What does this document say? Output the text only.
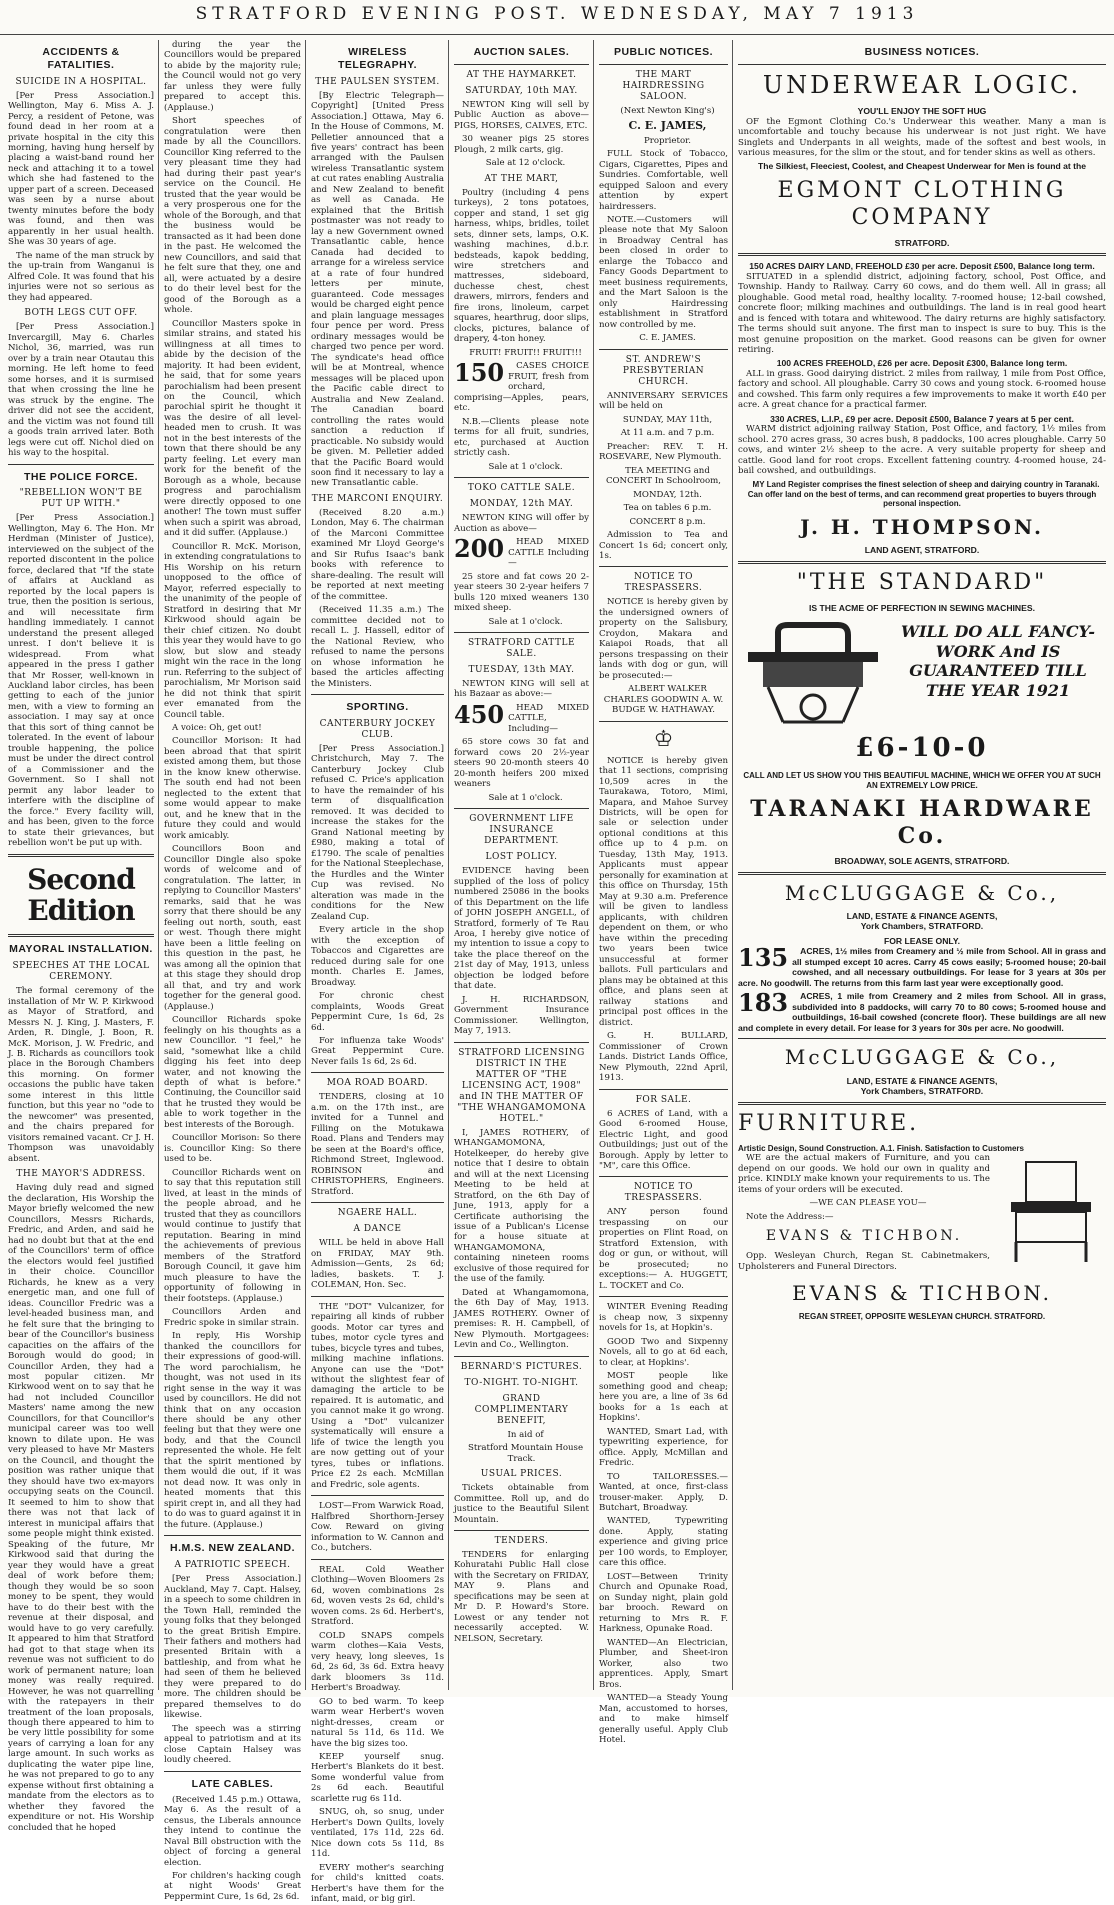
STRATFORD EVENING POST. WEDNESDAY, MAY 7 1913
ACCIDENTS & FATALITIES.
SUICIDE IN A HOSPITAL.

[Per Press Association.] Wellington, May 6. Miss A. J. Percy, a resident of Petone, was found dead in her room at a private hospital in the city this morning, having hung herself by placing a waist-band round her neck and attaching it to a towel which she had fastened to the upper part of a screen. Deceased was seen by a nurse about twenty minutes before the body was found, and then was apparently in her usual health. She was 30 years of age.

The name of the man struck by the up-train from Wanganui is Alfred Cole. It was found that his injuries were not so serious as they had appeared.

BOTH LEGS CUT OFF.

[Per Press Association.] Invercargill, May 6. Charles Nichol, 36, married, was run over by a train near Otautau this morning. He left home to feed some horses, and it is surmised that when crossing the line he was struck by the engine. The driver did not see the accident, and the victim was not found till a goods train arrived later. Both legs were cut off. Nichol died on his way to the hospital.

THE POLICE FORCE.
"REBELLION WON'T BE PUT UP WITH."

[Per Press Association.] Wellington, May 6. The Hon. Mr Herdman (Minister of Justice), interviewed on the subject of the reported discontent in the police force, declared that "If the state of affairs at Auckland as reported by the local papers is true, then the position is serious, and will necessitate firm handling immediately. I cannot understand the present alleged unrest. I don't believe it is widespread. From what appeared in the press I gather that Mr Rosser, well-known in Auckland labor circles, has been getting to each of the junior men, with a view to forming an association. I may say at once that this sort of thing cannot be tolerated. In the event of labour trouble happening, the police must be under the direct control of a Commissioner and the Government. So I shall not permit any labor leader to interfere with the discipline of the force." Every facility will, and has been, given to the force to state their grievances, but rebellion won't be put up with.

Second Edition
MAYORAL INSTALLATION.
SPEECHES AT THE LOCAL CEREMONY.

The formal ceremony of the installation of Mr W. P. Kirkwood as Mayor of Stratford, and Messrs N. J. King, J. Masters, F. Arden, R. Dingle, J. Boon, R. McK. Morison, J. W. Fredric, and J. B. Richards as councillors took place in the Borough Chambers this morning. On former occasions the public have taken some interest in this little function, but this year no "ode to the newcomer" was presented, and the chairs prepared for visitors remained vacant. Cr J. H. Thompson was unavoidably absent.

THE MAYOR'S ADDRESS.

Having duly read and signed the declaration, His Worship the Mayor briefly welcomed the new Councillors, Messrs Richards, Fredric, and Arden, and said he had no doubt but that at the end of the Councillors' term of office the electors would feel justified in their choice. Councillor Richards, he knew as a very energetic man, and one full of ideas. Councillor Fredric was a level-headed business man, and he felt sure that the bringing to bear of the Councillor's business capacities on the affairs of the Borough would do good; in Councillor Arden, they had a most popular citizen. Mr Kirkwood went on to say that he had not included Councillor Masters' name among the new Councillors, for that Councillor's municipal career was too well known to dilate upon. He was very pleased to have Mr Masters on the Council, and thought the position was rather unique that they should have two ex-mayors occupying seats on the Council. It seemed to him to show that there was not that lack of interest in municipal affairs that some people might think existed. Speaking of the future, Mr Kirkwood said that during the year they would have a great deal of work before them; though they would be so soon money to be spent, they would have to do their best with the revenue at their disposal, and would have to go very carefully. It appeared to him that Stratford had got to that stage when its revenue was not sufficient to do work of permanent nature; loan money was really required. However, he was not quarrelling with the ratepayers in their treatment of the loan proposals, though there appeared to him to be very little possibility for some years of carrying a loan for any large amount. In such works as duplicating the water pipe line, he was not prepared to go to any expense without first obtaining a mandate from the electors as to whether they favored the expenditure or not. His Worship concluded that he hoped

during the year the Councillors would be prepared to abide by the majority rule; the Council would not go very far unless they were fully prepared to accept this. (Applause.)

Short speeches of congratulation were then made by all the Councillors. Councillor King referred to the very pleasant time they had had during their past year's service on the Council. He trusted that the year would be a very prosperous one for the whole of the Borough, and that the business would be transacted as it had been done in the past. He welcomed the new Councillors, and said that he felt sure that they, one and all, were actuated by a desire to do their level best for the good of the Borough as a whole.

Councillor Masters spoke in similar strains, and stated his willingness at all times to abide by the decision of the majority. It had been evident, he said, that for some years parochialism had been present on the Council, which parochial spirit he thought it was the desire of all level-headed men to crush. It was not in the best interests of the town that there should be any party feeling. Let every man work for the benefit of the Borough as a whole, because progress and parochialism were directly opposed to one another! The town must suffer when such a spirit was abroad, and it did suffer. (Applause.)

Councillor R. McK. Morison, in extending congratulations to His Worship on his return unopposed to the office of Mayor, referred especially to the unanimity of the people of Stratford in desiring that Mr Kirkwood should again be their chief citizen. No doubt this year they would have to go slow, but slow and steady might win the race in the long run. Referring to the subject of parochialism, Mr Morison said he did not think that spirit ever emanated from the Council table.

A voice: Oh, get out!

Councillor Morison: It had been abroad that that spirit existed among them, but those in the know knew otherwise. The south end had not been neglected to the extent that some would appear to make out, and he knew that in the future they could and would work amicably.

Councillors Boon and Councillor Dingle also spoke words of welcome and of congratulation. The latter, in replying to Councillor Masters' remarks, said that he was sorry that there should be any feeling out north, south, east or west. Though there might have been a little feeling on this question in the past, he was among all the opinion that at this stage they should drop all that, and try and work together for the general good. (Applause.)

Councillor Richards spoke feelingly on his thoughts as a new Councillor. "I feel," he said, "somewhat like a child digging his feet into deep water, and not knowing the depth of what is before." Continuing, the Councillor said that he trusted they would be able to work together in the best interests of the Borough.

Councillor Morison: So there is. Councillor King: So there used to be.

Councillor Richards went on to say that this reputation still lived, at least in the minds of the people abroad, and he trusted that they as councillors would continue to justify that reputation. Bearing in mind the achievements of previous members of the Stratford Borough Council, it gave him much pleasure to have the opportunity of following in their footsteps. (Applause.)

Councillors Arden and Fredric spoke in similar strain.

In reply, His Worship thanked the councillors for their expressions of good-will. The word parochialism, he thought, was not used in its right sense in the way it was used by councillors. He did not think that on any occasion there should be any other feeling but that they were one body, and that the Council represented the whole. He felt that the spirit mentioned by them would die out, if it was not dead now. It was only in heated moments that this spirit crept in, and all they had to do was to guard against it in the future. (Applause.)

H.M.S. NEW ZEALAND.
A PATRIOTIC SPEECH.

[Per Press Association.] Auckland, May 7. Capt. Halsey, in a speech to some children in the Town Hall, reminded the young folks that they belonged to the great British Empire. Their fathers and mothers had presented Britain with a battleship, and from what he had seen of them he believed they were prepared to do more. The children should be prepared themselves to do likewise.

The speech was a stirring appeal to patriotism and at its close Captain Halsey was loudly cheered.

LATE CABLES.

(Received 1.45 p.m.) Ottawa, May 6. As the result of a census, the Liberals announce they intend to continue the Naval Bill obstruction with the object of forcing a general election.

For children's hacking cough at night Woods' Great Peppermint Cure, 1s 6d, 2s 6d.

WIRELESS TELEGRAPHY.
THE PAULSEN SYSTEM.

[By Electric Telegraph—Copyright] [United Press Association.] Ottawa, May 6. In the House of Commons, M. Pelletier announced that a five years' contract has been arranged with the Paulsen wireless Transatlantic system at cut rates enabling Australia and New Zealand to benefit as well as Canada. He explained that the British postmaster was not ready to lay a new Government owned Transatlantic cable, hence Canada had decided to arrange for a wireless service at a rate of four hundred letters per minute, guaranteed. Code messages would be charged eight pence and plain language messages four pence per word. Press ordinary messages would be charged two pence per word. The syndicate's head office will be at Montreal, whence messages will be placed upon the Pacific cable direct to Australia and New Zealand. The Canadian board controlling the rates would sanction a reduction if practicable. No subsidy would be given. M. Pelletier added that the Pacific Board would soon find it necessary to lay a new Transatlantic cable.

THE MARCONI ENQUIRY.

(Received 8.20 a.m.) London, May 6. The chairman of the Marconi Committee examined Mr Lloyd George's and Sir Rufus Isaac's bank books with reference to share-dealing. The result will be reported at next meeting of the committee.

(Received 11.35 a.m.) The committee decided not to recall L. J. Hassell, editor of the National Review, who refused to name the persons on whose information he based the articles affecting the Ministers.

SPORTING.
CANTERBURY JOCKEY CLUB.

[Per Press Association.] Christchurch, May 7. The Canterbury Jockey Club refused C. Price's application to have the remainder of his term of disqualification removed. It was decided to increase the stakes for the Grand National meeting by £980, making a total of £1790. The scale of penalties for the National Steeplechase, the Hurdles and the Winter Cup was revised. No alteration was made in the conditions for the New Zealand Cup.

Every article in the shop with the exception of Tobaccos and Cigarettes are reduced during sale for one month. Charles E. James, Broadway.

For chronic chest complaints, Woods Great Peppermint Cure, 1s 6d, 2s 6d.

For influenza take Woods' Great Peppermint Cure. Never fails 1s 6d, 2s 6d.

MOA ROAD BOARD.

TENDERS, closing at 10 a.m. on the 17th inst., are invited for a Tunnel and Filling on the Motukawa Road. Plans and Tenders may be seen at the Board's office, Richmond Street, Inglewood. ROBINSON and CHRISTOPHERS, Engineers. Stratford.

NGAERE HALL.
A DANCE

WILL be held in above Hall on FRIDAY, MAY 9th. Admission—Gents, 2s 6d; ladies, baskets. T. J. COLEMAN, Hon. Sec.

THE "DOT" Vulcanizer, for repairing all kinds of rubber goods. Motor car tyres and tubes, motor cycle tyres and tubes, bicycle tyres and tubes, milking machine inflations. Anyone can use the "Dot" without the slightest fear of damaging the article to be repaired. It is automatic, and you cannot make it go wrong. Using a "Dot" vulcanizer systematically will ensure a life of twice the length you are now getting out of your tyres, tubes or inflations. Price £2 2s each. McMillan and Fredric, sole agents.

LOST—From Warwick Road, Halfbred Shorthorn-Jersey Cow. Reward on giving information to W. Cannon and Co., butchers.

REAL Cold Weather Clothing—Woven Bloomers 2s 6d, woven combinations 2s 6d, woven vests 2s 6d, child's woven coms. 2s 6d. Herbert's, Stratford.

COLD SNAPS compels warm clothes—Kaia Vests, very heavy, long sleeves, 1s 6d, 2s 6d, 3s 6d. Extra heavy dark bloomers 3s 11d. Herbert's Broadway.

GO to bed warm. To keep warm wear Herbert's woven night-dresses, cream or natural 5s 11d, 6s 11d. We have the big sizes too.

KEEP yourself snug. Herbert's Blankets do it best. Some wonderful value from 2s 6d each. Beautiful scarlette rug 6s 11d.

SNUG, oh, so snug, under Herbert's Down Quilts, lovely ventilated, 17s 11d, 22s 6d. Nice down cots 5s 11d, 8s 11d.

EVERY mother's searching for child's knitted coats. Herbert's have them for the infant, maid, or big girl.

AUCTION SALES.
AT THE HAYMARKET.
SATURDAY, 10th MAY.

NEWTON King will sell by Public Auction as above— PIGS, HORSES, CALVES, ETC.

30 weaner pigs 25 stores Plough, 2 milk carts, gig.

Sale at 12 o'clock.

AT THE MART,

Poultry (including 4 pens turkeys), 2 tons potatoes, copper and stand, 1 set gig harness, whips, bridles, toilet sets, dinner sets, lamps, O.K. washing machines, d.b.r. bedsteads, kapok bedding, wire stretchers and mattresses, sideboard, duchesse chest, chest drawers, mirrors, fenders and fire irons, linoleum, carpet squares, hearthrug, door slips, clocks, pictures, balance of drapery, 4-ton honey.

FRUIT! FRUIT!! FRUIT!!!

150	CASES CHOICE FRUIT, fresh from orchard, comprising—Apples, pears, etc.

N.B.—Clients please note terms for all fruit, sundries, etc, purchased at Auction strictly cash.

Sale at 1 o'clock.

TOKO CATTLE SALE.
MONDAY, 12th MAY.

NEWTON KING will offer by Auction as above—

200	HEAD MIXED CATTLE Including—

25 store and fat cows 20 2-year steers 30 2-year heifers 7 bulls 120 mixed weaners 130 mixed sheep.

Sale at 1 o'clock.

STRATFORD CATTLE SALE.
TUESDAY, 13th MAY.

NEWTON KING will sell at his Bazaar as above:—

450	HEAD MIXED CATTLE, Including—

65 store cows 30 fat and forward cows 20 2½-year steers 90 20-month steers 40 20-month heifers 200 mixed weaners

Sale at 1 o'clock.

GOVERNMENT LIFE INSURANCE DEPARTMENT.
LOST POLICY.

EVIDENCE having been supplied of the loss of policy numbered 25086 in the books of this Department on the life of JOHN JOSEPH ANGELL, of Stratford, formerly of Te Rau Aroa, I hereby give notice of my intention to issue a copy to take the place thereof on the 21st day of May, 1913, unless objection be lodged before that date.

J. H. RICHARDSON, Government Insurance Commissioner. Wellington, May 7, 1913.

STRATFORD LICENSING DISTRICT IN THE MATTER OF "THE LICENSING ACT, 1908" and IN THE MATTER OF "THE WHANGAMOMONA HOTEL."

I, JAMES ROTHERY, of WHANGAMOMONA, Hotelkeeper, do hereby give notice that I desire to obtain and will at the next Licensing Meeting to be held at Stratford, on the 6th Day of June, 1913, apply for a Certificate authorising the issue of a Publican's License for a house situate at WHANGAMOMONA, containing nineteen rooms exclusive of those required for the use of the family.

Dated at Whangamomona, the 6th Day of May, 1913. JAMES ROTHERY. Owner of premises: R. H. Campbell, of New Plymouth. Mortgagees: Levin and Co., Wellington.

BERNARD'S PICTURES.
TO-NIGHT. TO-NIGHT.
GRAND COMPLIMENTARY BENEFIT,

In aid of

Stratford Mountain House Track.

USUAL PRICES.

Tickets obtainable from Committee. Roll up, and do justice to the Beautiful Silent Mountain.

TENDERS.

TENDERS for enlarging Kohuratahi Public Hall close with the Secretary on FRIDAY, MAY 9. Plans and specifications may be seen at Mr D. P. Howard's Store. Lowest or any tender not necessarily accepted. W. NELSON, Secretary.

PUBLIC NOTICES.
THE MART HAIRDRESSING SALOON.

(Next Newton King's)

C. E. JAMES,

Proprietor.

FULL Stock of Tobacco, Cigars, Cigarettes, Pipes and Sundries. Comfortable, well equipped Saloon and every attention by expert hairdressers.

NOTE.—Customers will please note that My Saloon in Broadway Central has been closed in order to enlarge the Tobacco and Fancy Goods Department to meet business requirements, and the Mart Saloon is the only Hairdressing establishment in Stratford now controlled by me.

C. E. JAMES.

ST. ANDREW'S PRESBYTERIAN CHURCH.

ANNIVERSARY SERVICES will be held on

SUNDAY, MAY 11th,

At 11 a.m. and 7 p.m.

Preacher: REV. T. H. ROSEVARE, New Plymouth.

TEA MEETING and CONCERT In Schoolroom,

MONDAY, 12th.

Tea on tables 6 p.m.

CONCERT 8 p.m.

Admission to Tea and Concert 1s 6d; concert only, 1s.

NOTICE TO TRESPASSERS.

NOTICE is hereby given by the undersigned owners of property on the Salisbury, Croydon, Makara and Kaiapoi Roads, that all persons trespassing on their lands with dog or gun, will be prosecuted:—

ALBERT WALKER CHARLES GOODWIN A. W. BUDGE W. HATHAWAY.

♔

NOTICE is hereby given that 11 sections, comprising 10,509 acres in the Taurakawa, Totoro, Mimi, Mapara, and Mahoe Survey Districts, will be open for sale or selection under optional conditions at this office up to 4 p.m. on Tuesday, 13th May, 1913. Applicants must appear personally for examination at this office on Thursday, 15th May at 9.30 a.m. Preference will be given to landless applicants, with children dependent on them, or who have within the preceding two years been twice unsuccessful at former ballots. Full particulars and plans may be obtained at this office, and plans seen at railway stations and principal post offices in the district.

G. H. BULLARD, Commissioner of Crown Lands. District Lands Office, New Plymouth, 22nd April, 1913.

FOR SALE.

6 ACRES of Land, with a Good 6-roomed House, Electric Light, and good Outbuildings; just out of the Borough. Apply by letter to "M", care this Office.

NOTICE TO TRESPASSERS.

ANY person found trespassing on our properties on Flint Road, on Stratford Extension, with dog or gun, or without, will be prosecuted; no exceptions:— A. HUGGETT, L. TOCKET and Co.

WINTER Evening Reading is cheap now, 3 sixpenny novels for 1s, at Hopkin's.

GOOD Two and Sixpenny Novels, all to go at 6d each, to clear, at Hopkins'.

MOST people like something good and cheap; here you are, a line of 3s 6d books for a 1s each at Hopkins'.

WANTED, Smart Lad, with typewriting experience, for office. Apply, McMillan and Fredric.

TO TAILORESSES.—Wanted, at once, first-class trouser-maker. Apply, D. Butchart, Broadway.

WANTED, Typewriting done. Apply, stating experience and giving price per 100 words, to Employer, care this office.

LOST—Between Trinity Church and Opunake Road, on Sunday night, plain gold bar brooch. Reward on returning to Mrs R. F. Harkness, Opunake Road.

WANTED—An Electrician, Plumber, and Sheet-iron Worker, also two apprentices. Apply, Smart Bros.

WANTED—a Steady Young Man, accustomed to horses, and to make himself generally useful. Apply Club Hotel.

BUSINESS NOTICES.
UNDERWEAR LOGIC.
YOU'LL ENJOY THE SOFT HUG

OF the Egmont Clothing Co.'s Underwear this weather. Many a man is uncomfortable and touchy because his underwear is not just right. We have Singlets and Underpants in all weights, made of the softest and best wools, in various measures, for the slim or the stout, and for tender skins as well as others.

The Silkiest, Fleeciest, Coolest, and Cheapest Underwear for Men is found at the
EGMONT CLOTHING COMPANY
STRATFORD.
150 ACRES DAIRY LAND, FREEHOLD £30 per acre. Deposit £500, Balance long term.

SITUATED in a splendid district, adjoining factory, school, Post Office, and Township. Handy to Railway. Carry 60 cows, and do them well. All in grass; all ploughable. Good metal road, healthy locality. 7-roomed house; 12-bail cowshed, concrete floor; milking machines and outbuildings. The land is in real good heart and is fenced with totara and whitewood. The dairy returns are highly satisfactory. The terms should suit anyone. The first man to inspect is sure to buy. This is the most genuine proposition on the market. Good reasons can be given for owner retiring.

100 ACRES FREEHOLD, £26 per acre. Deposit £300, Balance long term.

ALL in grass. Good dairying district. 2 miles from railway, 1 mile from Post Office, factory and school. All ploughable. Carry 30 cows and young stock. 6-roomed house and cowshed. This farm only requires a few improvements to make it worth £40 per acre. A great chance for a practical farmer.

330 ACRES, L.I.P., £9 per acre. Deposit £500, Balance 7 years at 5 per cent.

WARM district adjoining railway Station, Post Office, and factory, 1½ miles from school. 270 acres grass, 30 acres bush, 8 paddocks, 100 acres ploughable. Carry 50 cows, and winter 2½ sheep to the acre. A very suitable property for sheep and cattle. Good land for root crops. Excellent fattening country. 4-roomed house, 24-bail cowshed, and outbuildings.

MY Land Register comprises the finest selection of sheep and dairying country in Taranaki. Can offer land on the best of terms, and can recommend great properties to buyers through personal inspection.

J. H. THOMPSON.
LAND AGENT, STRATFORD.
"THE STANDARD"
IS THE ACME OF PERFECTION IN SEWING MACHINES.
WILL DO ALL FANCY-WORK And IS GUARANTEED TILL THE YEAR 1921
£6-10-0
CALL AND LET US SHOW YOU THIS BEAUTIFUL MACHINE, WHICH WE OFFER YOU AT SUCH AN EXTREMELY LOW PRICE.
TARANAKI HARDWARE Co.
BROADWAY, SOLE AGENTS, STRATFORD.
McCLUGGAGE & Co.,
LAND, ESTATE & FINANCE AGENTS,
York Chambers, STRATFORD.
FOR LEASE ONLY.
135	ACRES, 1½ miles from Creamery and ½ mile from School. All in grass and all stumped except 10 acres. Carry 45 cows easily; 5-roomed house; 20-bail cowshed, and all necessary outbuildings. For lease for 3 years at 30s per acre. No goodwill. The returns from this farm last year were exceptionally good.

183	ACRES, 1 mile from Creamery and 2 miles from School. All in grass, subdivided into 8 paddocks, will carry 70 to 80 cows; 5-roomed house and outbuildings, 16-bail cowshed (concrete floor). These buildings are all new and complete in every detail. For lease for 3 years for 30s per acre. No goodwill.

McCLUGGAGE & Co.,
LAND, ESTATE & FINANCE AGENTS,
York Chambers, STRATFORD.
FURNITURE.
Artistic Design, Sound Construction. A.1. Finish. Satisfaction to Customers

WE are the actual makers of Furniture, and you can depend on our goods. We hold our own in quality and price. KINDLY make known your requirements to us. The items of your orders will be executed.

—WE CAN PLEASE YOU—

Note the Address:—

EVANS & TICHBON.

Opp. Wesleyan Church, Regan St. Cabinetmakers, Upholsterers and Funeral Directors.

EVANS & TICHBON.
REGAN STREET, OPPOSITE WESLEYAN CHURCH. STRATFORD.
